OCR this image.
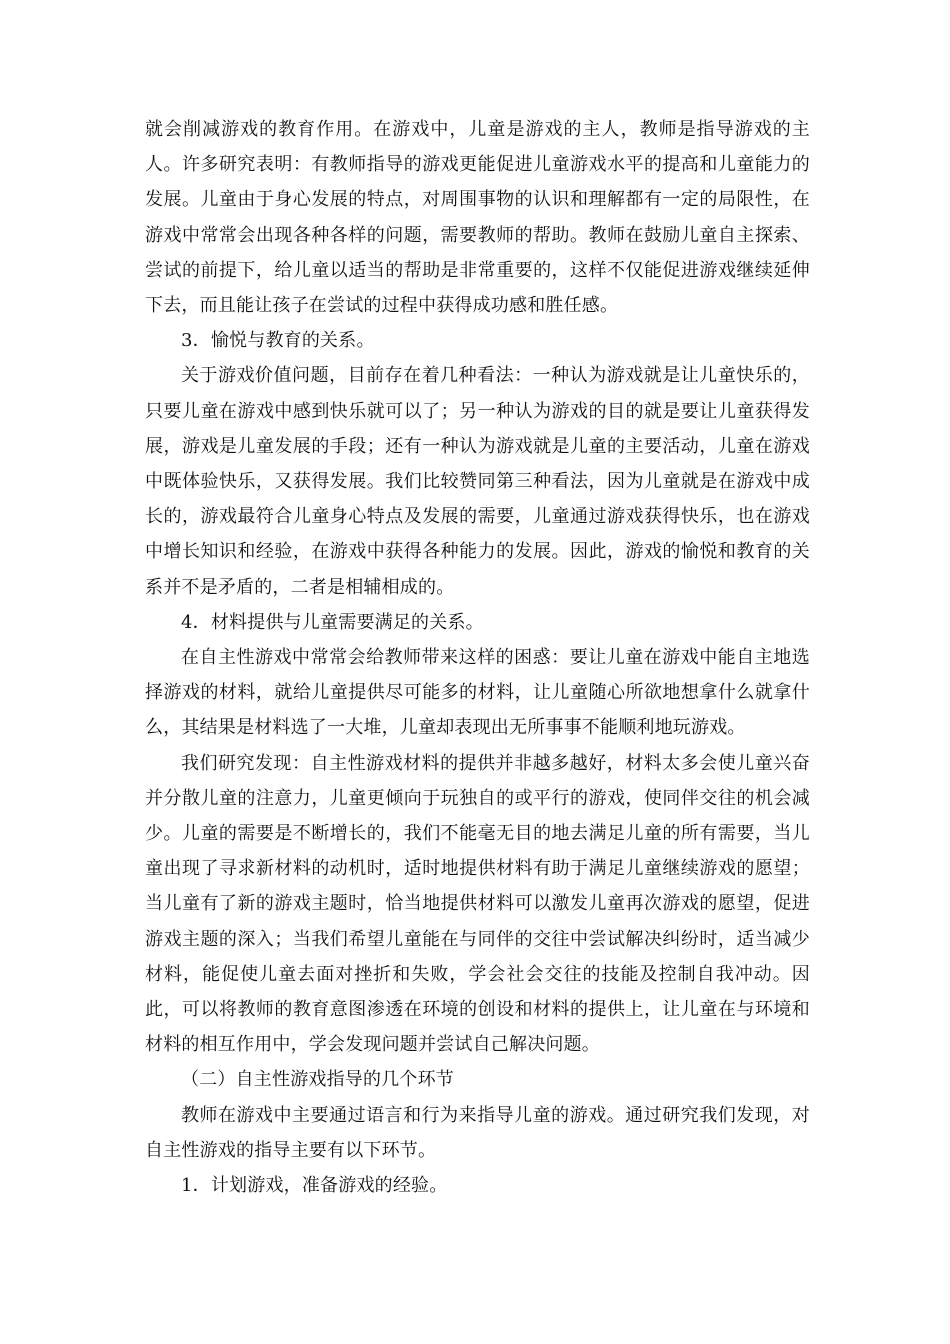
就会削减游戏的教育作用。在游戏中，儿童是游戏的主人，教师是指导游戏的主人。许多研究表明：有教师指导的游戏更能促进儿童游戏水平的提高和儿童能力的发展。儿童由于身心发展的特点，对周围事物的认识和理解都有一定的局限性，在游戏中常常会出现各种各样的问题，需要教师的帮助。教师在鼓励儿童自主探索、尝试的前提下，给儿童以适当的帮助是非常重要的，这样不仅能促进游戏继续延伸下去，而且能让孩子在尝试的过程中获得成功感和胜任感。

3．愉悦与教育的关系。

关于游戏价值问题，目前存在着几种看法：一种认为游戏就是让儿童快乐的，只要儿童在游戏中感到快乐就可以了；另一种认为游戏的目的就是要让儿童获得发展，游戏是儿童发展的手段；还有一种认为游戏就是儿童的主要活动，儿童在游戏中既体验快乐，又获得发展。我们比较赞同第三种看法，因为儿童就是在游戏中成长的，游戏最符合儿童身心特点及发展的需要，儿童通过游戏获得快乐，也在游戏中增长知识和经验，在游戏中获得各种能力的发展。因此，游戏的愉悦和教育的关系并不是矛盾的，二者是相辅相成的。

4．材料提供与儿童需要满足的关系。

在自主性游戏中常常会给教师带来这样的困惑：要让儿童在游戏中能自主地选择游戏的材料，就给儿童提供尽可能多的材料，让儿童随心所欲地想拿什么就拿什么，其结果是材料选了一大堆，儿童却表现出无所事事不能顺利地玩游戏。

我们研究发现：自主性游戏材料的提供并非越多越好，材料太多会使儿童兴奋并分散儿童的注意力，儿童更倾向于玩独自的或平行的游戏，使同伴交往的机会减少。儿童的需要是不断增长的，我们不能毫无目的地去满足儿童的所有需要，当儿童出现了寻求新材料的动机时，适时地提供材料有助于满足儿童继续游戏的愿望；当儿童有了新的游戏主题时，恰当地提供材料可以激发儿童再次游戏的愿望，促进游戏主题的深入；当我们希望儿童能在与同伴的交往中尝试解决纠纷时，适当减少材料，能促使儿童去面对挫折和失败，学会社会交往的技能及控制自我冲动。因此，可以将教师的教育意图渗透在环境的创设和材料的提供上，让儿童在与环境和材料的相互作用中，学会发现问题并尝试自己解决问题。

（二）自主性游戏指导的几个环节

教师在游戏中主要通过语言和行为来指导儿童的游戏。通过研究我们发现，对自主性游戏的指导主要有以下环节。

1．计划游戏，准备游戏的经验。
